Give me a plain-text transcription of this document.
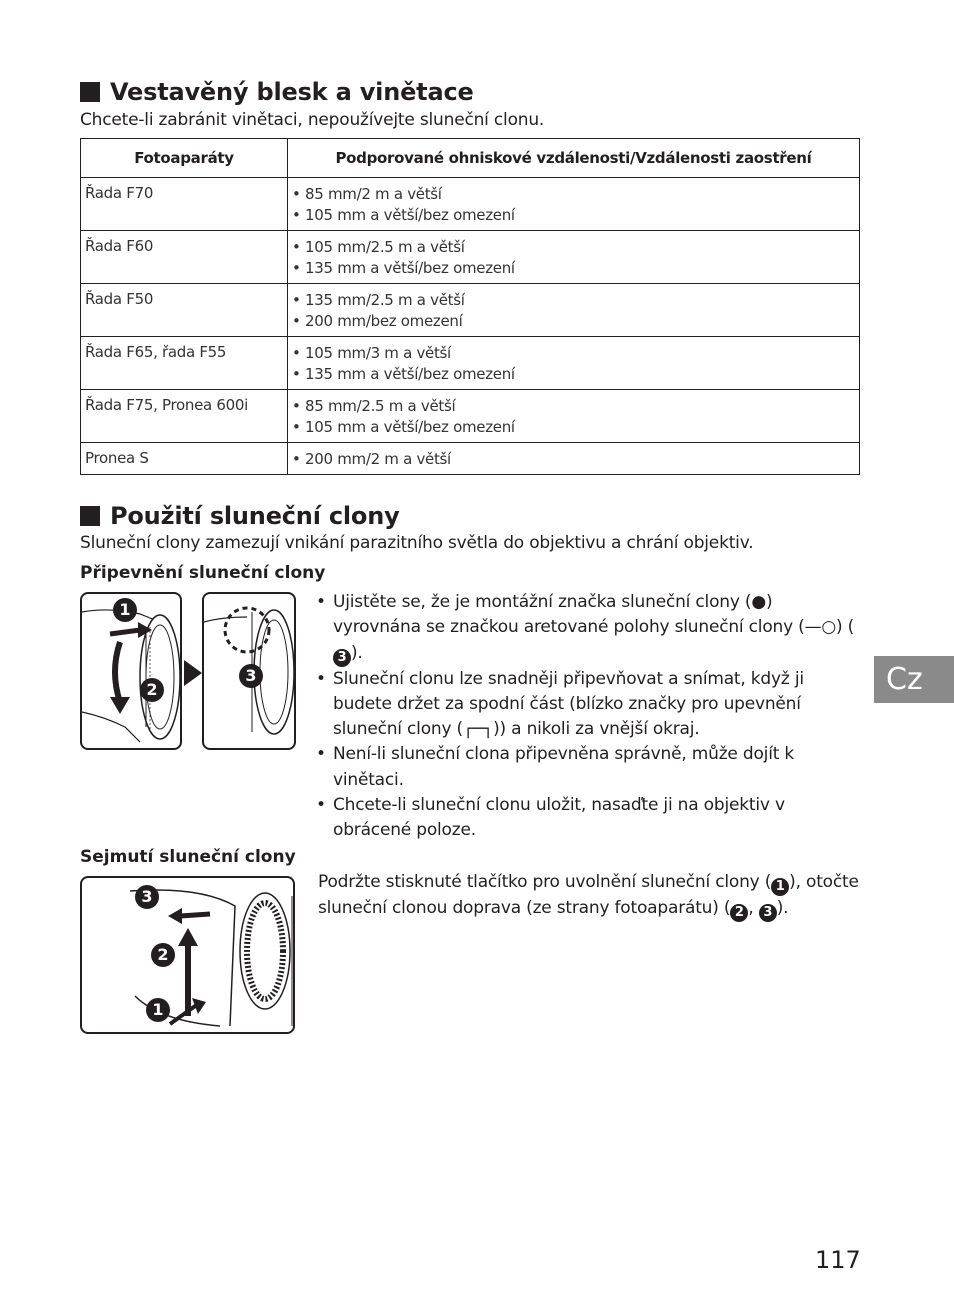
Vestavěný blesk a vinětace
Chcete-li zabránit vinětaci, nepoužívejte sluneční clonu.
Fotoaparáty	Podporované ohniskové vzdálenosti/Vzdálenosti zaostření
Řada F70	• 85 mm/2 m a větší
• 105 mm a větší/bez omezení

Řada F60	• 105 mm/2.5 m a větší
• 135 mm a větší/bez omezení

Řada F50	• 135 mm/2.5 m a větší
• 200 mm/bez omezení

Řada F65, řada F55	• 105 mm/3 m a větší
• 135 mm a větší/bez omezení

Řada F75, Pronea 600i	• 85 mm/2.5 m a větší
• 105 mm a větší/bez omezení

Pronea S	• 200 mm/2 m a větší
Použití sluneční clony
Sluneční clony zamezují vnikání parazitního světla do objektivu a chrání objektiv.
Připevnění sluneční clony
1
2
3
• Ujistěte se, že je montážní značka sluneční clony (●) vyrovnána se značkou aretované polohy sluneční clony (—○) (3 ).
• Sluneční clonu lze snadněji připevňovat a snímat, když ji budete držet za spodní část (blízko značky pro upevnění sluneční clony (┌─┐)) a nikoli za vnější okraj.
• Není-li sluneční clona připevněna správně, může dojít k vinětaci.
• Chcete-li sluneční clonu uložit, nasaďte ji na objektiv v obrácené poloze.
Sejmutí sluneční clony
3
2
1
Podržte stisknuté tlačítko pro uvolnění sluneční clony ( 1 ), otočte sluneční clonou doprava (ze strany fotoaparátu) ( 2 , 3 ).
Cz
117
